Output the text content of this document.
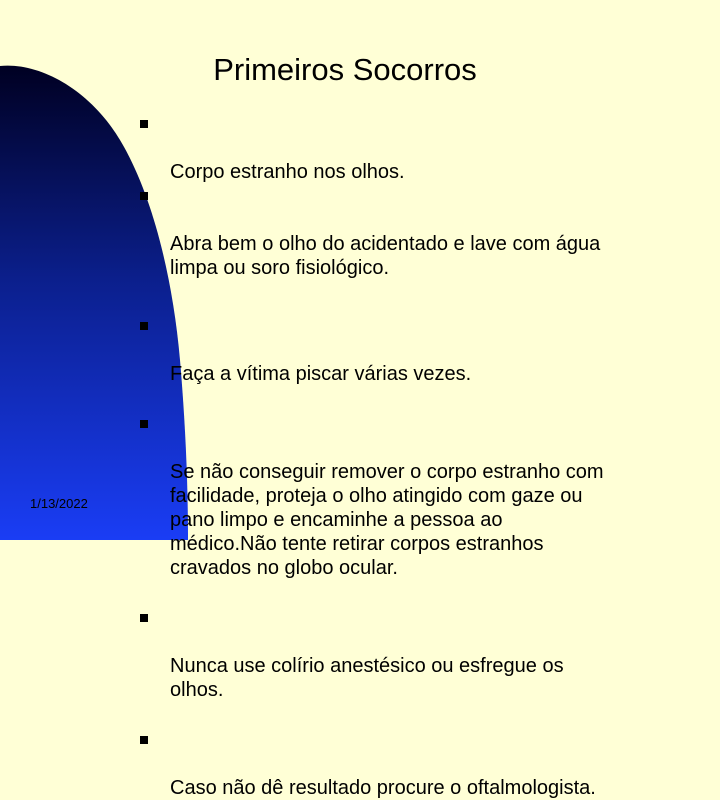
Primeiros Socorros

Corpo estranho nos olhos.

Abra bem o olho do acidentado e lave com água
limpa ou soro fisiológico.

Faça a vítima piscar várias vezes.

Se não conseguir remover o corpo estranho com
facilidade, proteja o olho atingido com gaze ou
pano limpo e encaminhe a pessoa ao
médico.Não tente retirar corpos estranhos
cravados no globo ocular.

Nunca use colírio anestésico ou esfregue os
olhos.

Caso não dê resultado procure o oftalmologista.

1/13/2022
